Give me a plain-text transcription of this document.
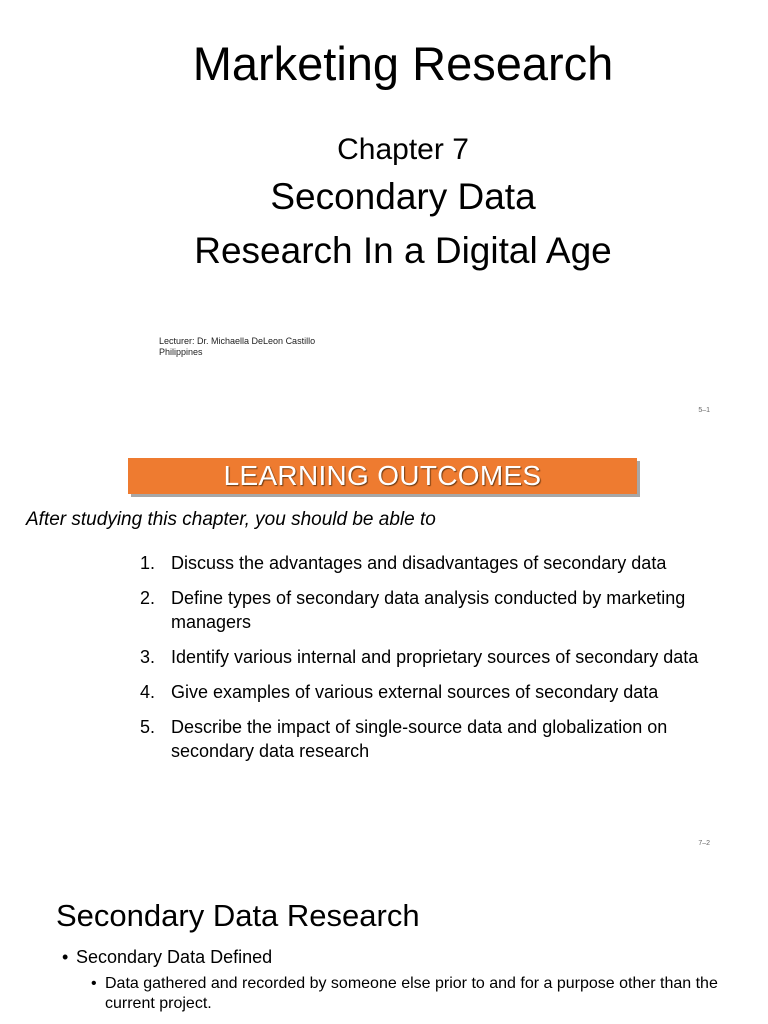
Marketing Research
Chapter 7
Secondary Data
Research In a Digital Age
Lecturer: Dr. Michaella DeLeon Castillo
Philippines
5–1
LEARNING OUTCOMES
After studying this chapter, you should be able to
1. Discuss the advantages and disadvantages of secondary data
2. Define types of secondary data analysis conducted by marketing managers
3. Identify various internal and proprietary sources of secondary data
4. Give examples of various external sources of secondary data
5. Describe the impact of single-source data and globalization on secondary data research
7–2
Secondary Data Research
• Secondary Data Defined
• Data gathered and recorded by someone else prior to and for a purpose other than the current project.
